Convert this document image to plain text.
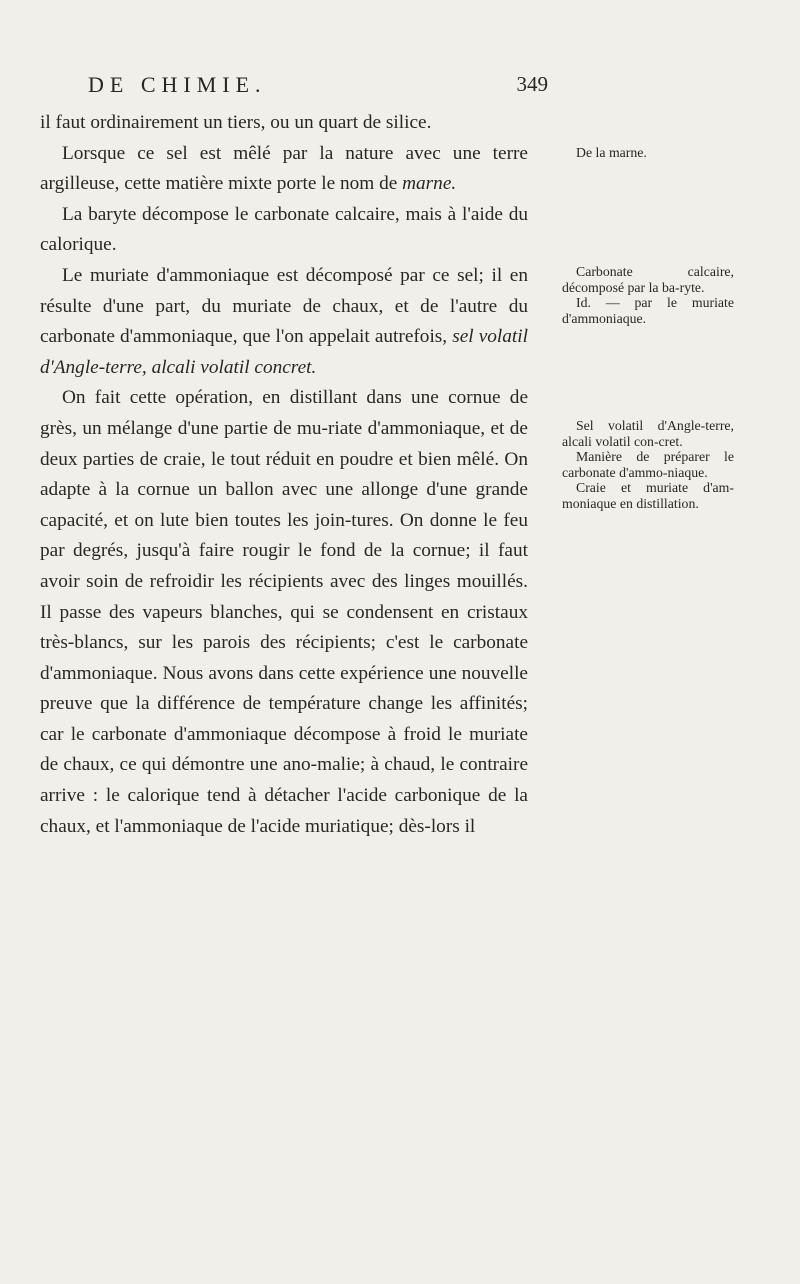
DE CHIMIE.	349

il faut ordinairement un tiers, ou un quart de silice.

Lorsque ce sel est mêlé par la nature avec une terre argilleuse, cette matière mixte porte le nom de marne.

La baryte décompose le carbonate calcaire, mais à l'aide du calorique.

Le muriate d'ammoniaque est décomposé par ce sel; il en résulte d'une part, du muriate de chaux, et de l'autre du carbonate d'ammoniaque, que l'on appelait autrefois, sel volatil d'Angle-terre, alcali volatil concret.

On fait cette opération, en distillant dans une cornue de grès, un mélange d'une partie de mu-riate d'ammoniaque, et de deux parties de craie, le tout réduit en poudre et bien mêlé. On adapte à la cornue un ballon avec une allonge d'une grande capacité, et on lute bien toutes les join-tures. On donne le feu par degrés, jusqu'à faire rougir le fond de la cornue; il faut avoir soin de refroidir les récipients avec des linges mouillés. Il passe des vapeurs blanches, qui se condensent en cristaux très-blancs, sur les parois des récipients; c'est le carbonate d'ammoniaque. Nous avons dans cette expérience une nouvelle preuve que la différence de température change les affinités; car le carbonate d'ammoniaque décompose à froid le muriate de chaux, ce qui démontre une ano-malie; à chaud, le contraire arrive : le calorique tend à détacher l'acide carbonique de la chaux, et l'ammoniaque de l'acide muriatique; dès-lors il

De la marne.

Carbonate calcaire, décomposé par la ba-ryte.

Id. — par le muriate d'ammoniaque.

Sel volatil d'Angle-terre, alcali volatil con-cret.

Manière de préparer le carbonate d'ammo-niaque.

Craie et muriate d'am-moniaque en distillation.
